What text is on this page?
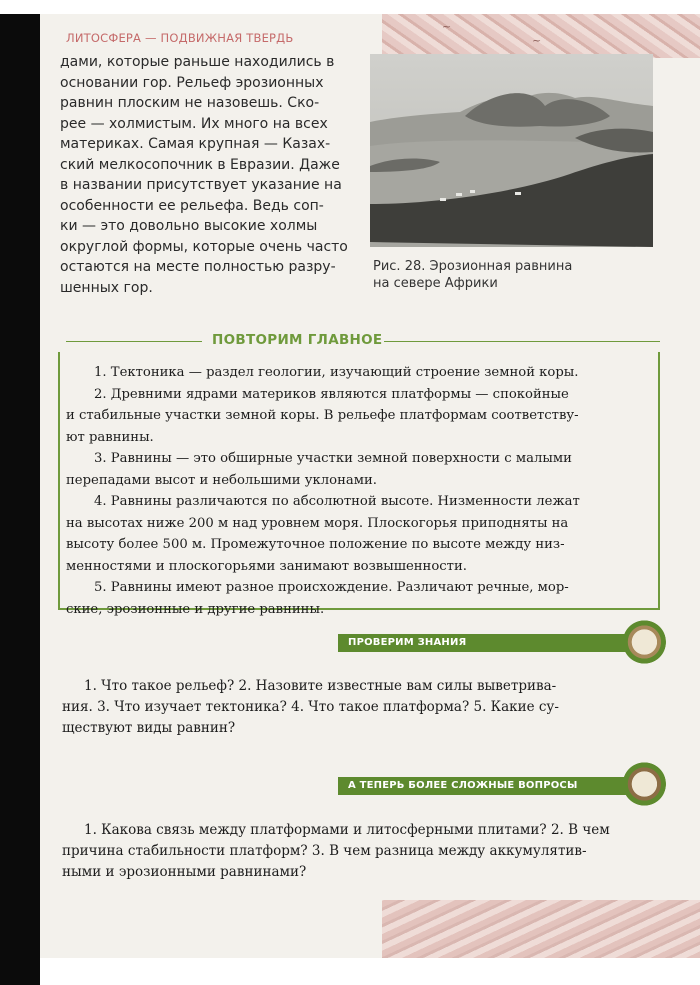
~
~
ЛИТОСФЕРА — ПОДВИЖНАЯ ТВЕРДЬ
дами, которые раньше находились в
основании гор. Рельеф эрозионных
равнин плоским не назовешь. Ско-
рее — холмистым. Их много на всех
материках. Самая крупная — Казах-
ский мелкосопочник в Евразии. Даже
в названии присутствует указание на
особенности ее рельефа. Ведь соп-
ки — это довольно высокие холмы
округлой формы, которые очень часто
остаются на месте полностью разру-
шенных гор.
Рис. 28. Эрозионная равнина
на севере Африки
ПОВТОРИМ ГЛАВНОЕ
1. Тектоника — раздел геологии, изучающий строение земной коры.
2. Древними ядрами материков являются платформы — спокойные
и стабильные участки земной коры. В рельефе платформам соответству-
ют равнины.
3. Равнины — это обширные участки земной поверхности с малыми
перепадами высот и небольшими уклонами.
4. Равнины различаются по абсолютной высоте. Низменности лежат
на высотах ниже 200 м над уровнем моря. Плоскогорья приподняты на
высоту более 500 м. Промежуточное положение по высоте между низ-
менностями и плоскогорьями занимают возвышенности.
5. Равнины имеют разное происхождение. Различают речные, мор-
ские, эрозионные и другие равнины.
ПРОВЕРИМ ЗНАНИЯ
1. Что такое рельеф? 2. Назовите известные вам силы выветрива-
ния. 3. Что изучает тектоника? 4. Что такое платформа? 5. Какие су-
ществуют виды равнин?
А ТЕПЕРЬ БОЛЕЕ СЛОЖНЫЕ ВОПРОСЫ
1. Какова связь между платформами и литосферными плитами? 2. В чем
причина стабильности платформ? 3. В чем разница между аккумулятив-
ными и эрозионными равнинами?
